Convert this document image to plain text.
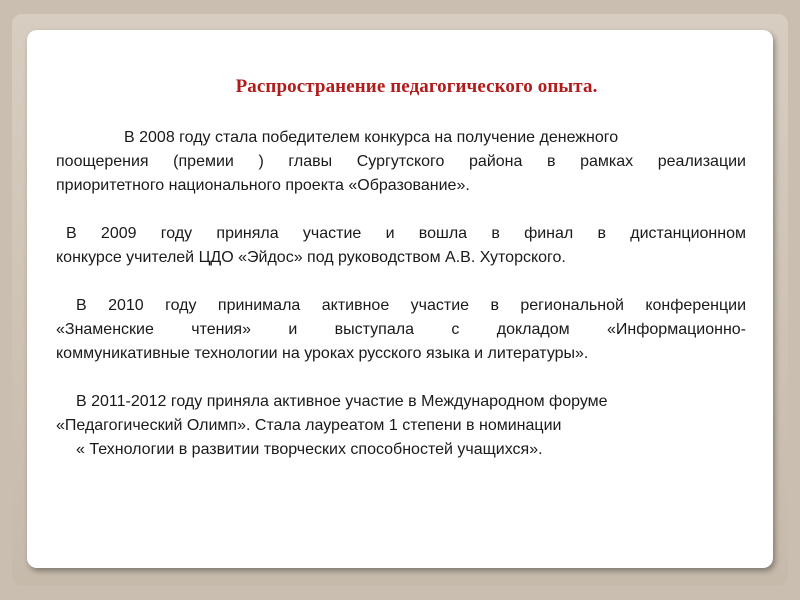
Распространение педагогического опыта.

В 2008 году стала победителем конкурса на получение денежного
поощерения (премии ) главы Сургутского района в рамках реализации
приоритетного национального проекта «Образование».

В 2009 году приняла участие и вошла в финал в дистанционном
конкурсе учителей ЦДО «Эйдос» под руководством А.В. Хуторского.

В 2010 году принимала активное участие в региональной конференции
«Знаменские чтения» и выступала с докладом «Информационно-
коммуникативные технологии на уроках русского языка и литературы».

В 2011-2012 году приняла активное участие в Международном форуме
«Педагогический Олимп». Стала лауреатом 1 степени в номинации
« Технологии в развитии творческих способностей учащихся».
